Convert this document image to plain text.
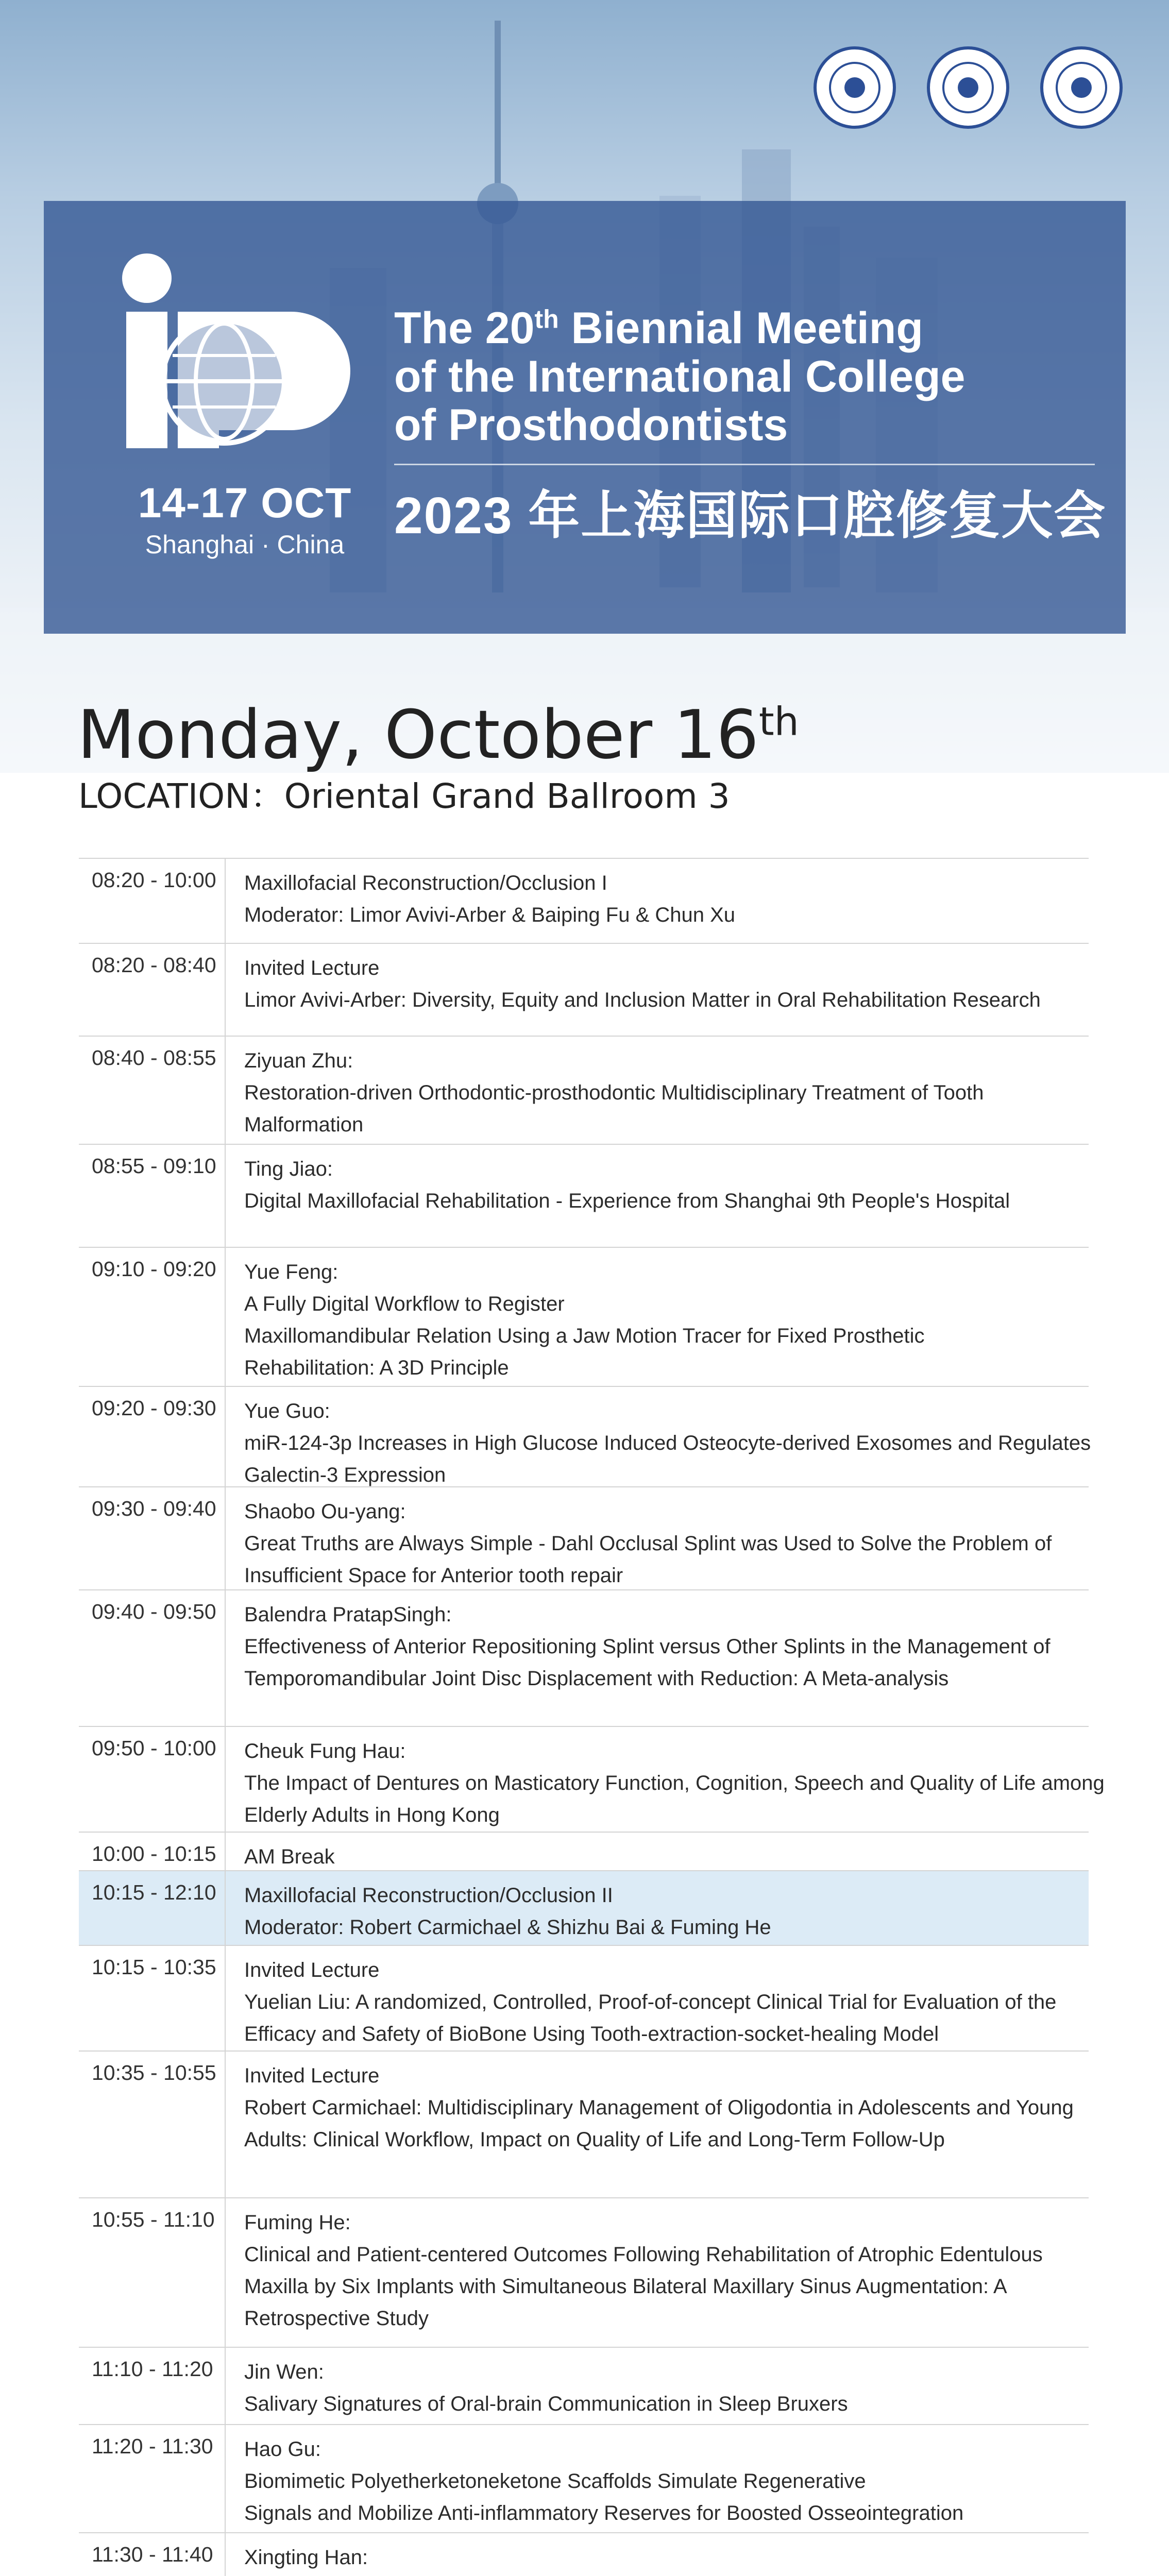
14-17 OCT
Shanghai · China
The 20th Biennial Meeting
of the International College
of Prosthodontists
2023 年上海国际口腔修复大会
Monday, October 16th
LOCATION：Oriental Grand Ballroom 3
08:20 - 10:00	Maxillofacial Reconstruction/Occlusion I
Moderator: Limor Avivi-Arber & Baiping Fu & Chun Xu
08:20 - 08:40	Invited Lecture
Limor Avivi-Arber: Diversity, Equity and Inclusion Matter in Oral Rehabilitation Research
08:40 - 08:55	Ziyuan Zhu:
Restoration-driven Orthodontic-prosthodontic Multidisciplinary Treatment of Tooth
Malformation
08:55 - 09:10	Ting Jiao:
Digital Maxillofacial Rehabilitation - Experience from Shanghai 9th People's Hospital
09:10 - 09:20	Yue Feng:
A Fully Digital Workflow to Register
Maxillomandibular Relation Using a Jaw Motion Tracer for Fixed Prosthetic
Rehabilitation: A 3D Principle
09:20 - 09:30	Yue Guo:
miR-124-3p Increases in High Glucose Induced Osteocyte-derived Exosomes and Regulates
Galectin-3 Expression
09:30 - 09:40	Shaobo Ou-yang:
Great Truths are Always Simple - Dahl Occlusal Splint was Used to Solve the Problem of
Insufficient Space for Anterior tooth repair
09:40 - 09:50	Balendra PratapSingh:
Effectiveness of Anterior Repositioning Splint versus Other Splints in the Management of
Temporomandibular Joint Disc Displacement with Reduction: A Meta-analysis
09:50 - 10:00	Cheuk Fung Hau:
The Impact of Dentures on Masticatory Function, Cognition, Speech and Quality of Life among
Elderly Adults in Hong Kong
10:00 - 10:15	AM Break
10:15 - 12:10	Maxillofacial Reconstruction/Occlusion II
Moderator: Robert Carmichael & Shizhu Bai & Fuming He
10:15 - 10:35	Invited Lecture
Yuelian Liu: A randomized, Controlled, Proof-of-concept Clinical Trial for Evaluation of the
Efficacy and Safety of BioBone Using Tooth-extraction-socket-healing Model
10:35 - 10:55	Invited Lecture
Robert Carmichael: Multidisciplinary Management of Oligodontia in Adolescents and Young
Adults: Clinical Workflow, Impact on Quality of Life and Long-Term Follow-Up
10:55 - 11:10	Fuming He:
Clinical and Patient-centered Outcomes Following Rehabilitation of Atrophic Edentulous
Maxilla by Six Implants with Simultaneous Bilateral Maxillary Sinus Augmentation: A
Retrospective Study
11:10 - 11:20	Jin Wen:
Salivary Signatures of Oral-brain Communication in Sleep Bruxers
11:20 - 11:30	Hao Gu:
Biomimetic Polyetherketoneketone Scaffolds Simulate Regenerative
Signals and Mobilize Anti-inflammatory Reserves for Boosted Osseointegration
11:30 - 11:40	Xingting Han:
